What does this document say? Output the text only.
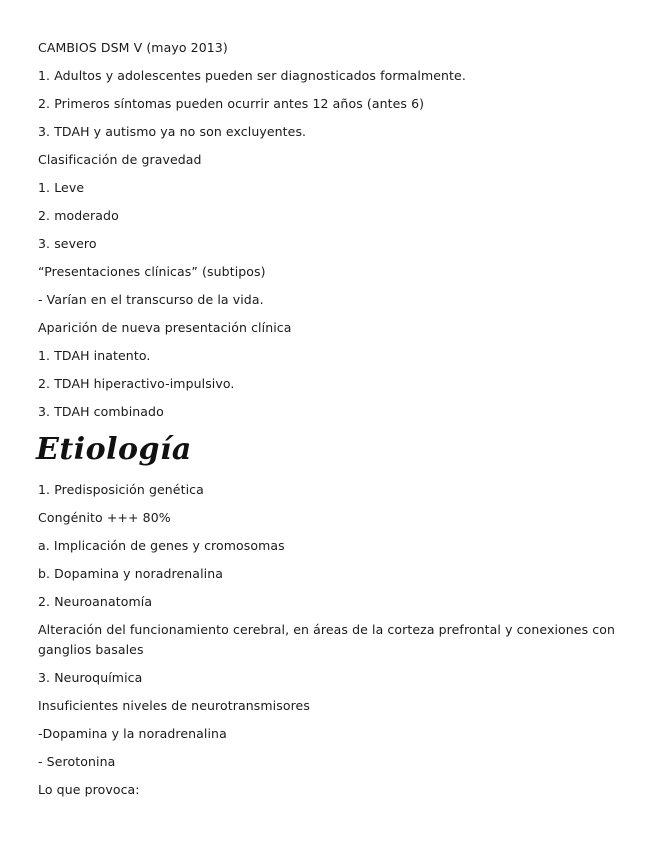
CAMBIOS DSM V (mayo 2013)

1. Adultos y adolescentes pueden ser diagnosticados formalmente.

2. Primeros síntomas pueden ocurrir antes 12 años (antes 6)

3. TDAH y autismo ya no son excluyentes.

Clasificación de gravedad

1. Leve

2. moderado

3. severo

“Presentaciones clínicas” (subtipos)

- Varían en el transcurso de la vida.

Aparición de nueva presentación clínica

1. TDAH inatento.

2. TDAH hiperactivo-impulsivo.

3. TDAH combinado

Etiología

1. Predisposición genética

Congénito +++ 80%

a. Implicación de genes y cromosomas

b. Dopamina y noradrenalina

2. Neuroanatomía

Alteración del funcionamiento cerebral, en áreas de la corteza prefrontal y conexiones con ganglios basales

3. Neuroquímica

Insuficientes niveles de neurotransmisores

-Dopamina y la noradrenalina

- Serotonina

Lo que provoca:
